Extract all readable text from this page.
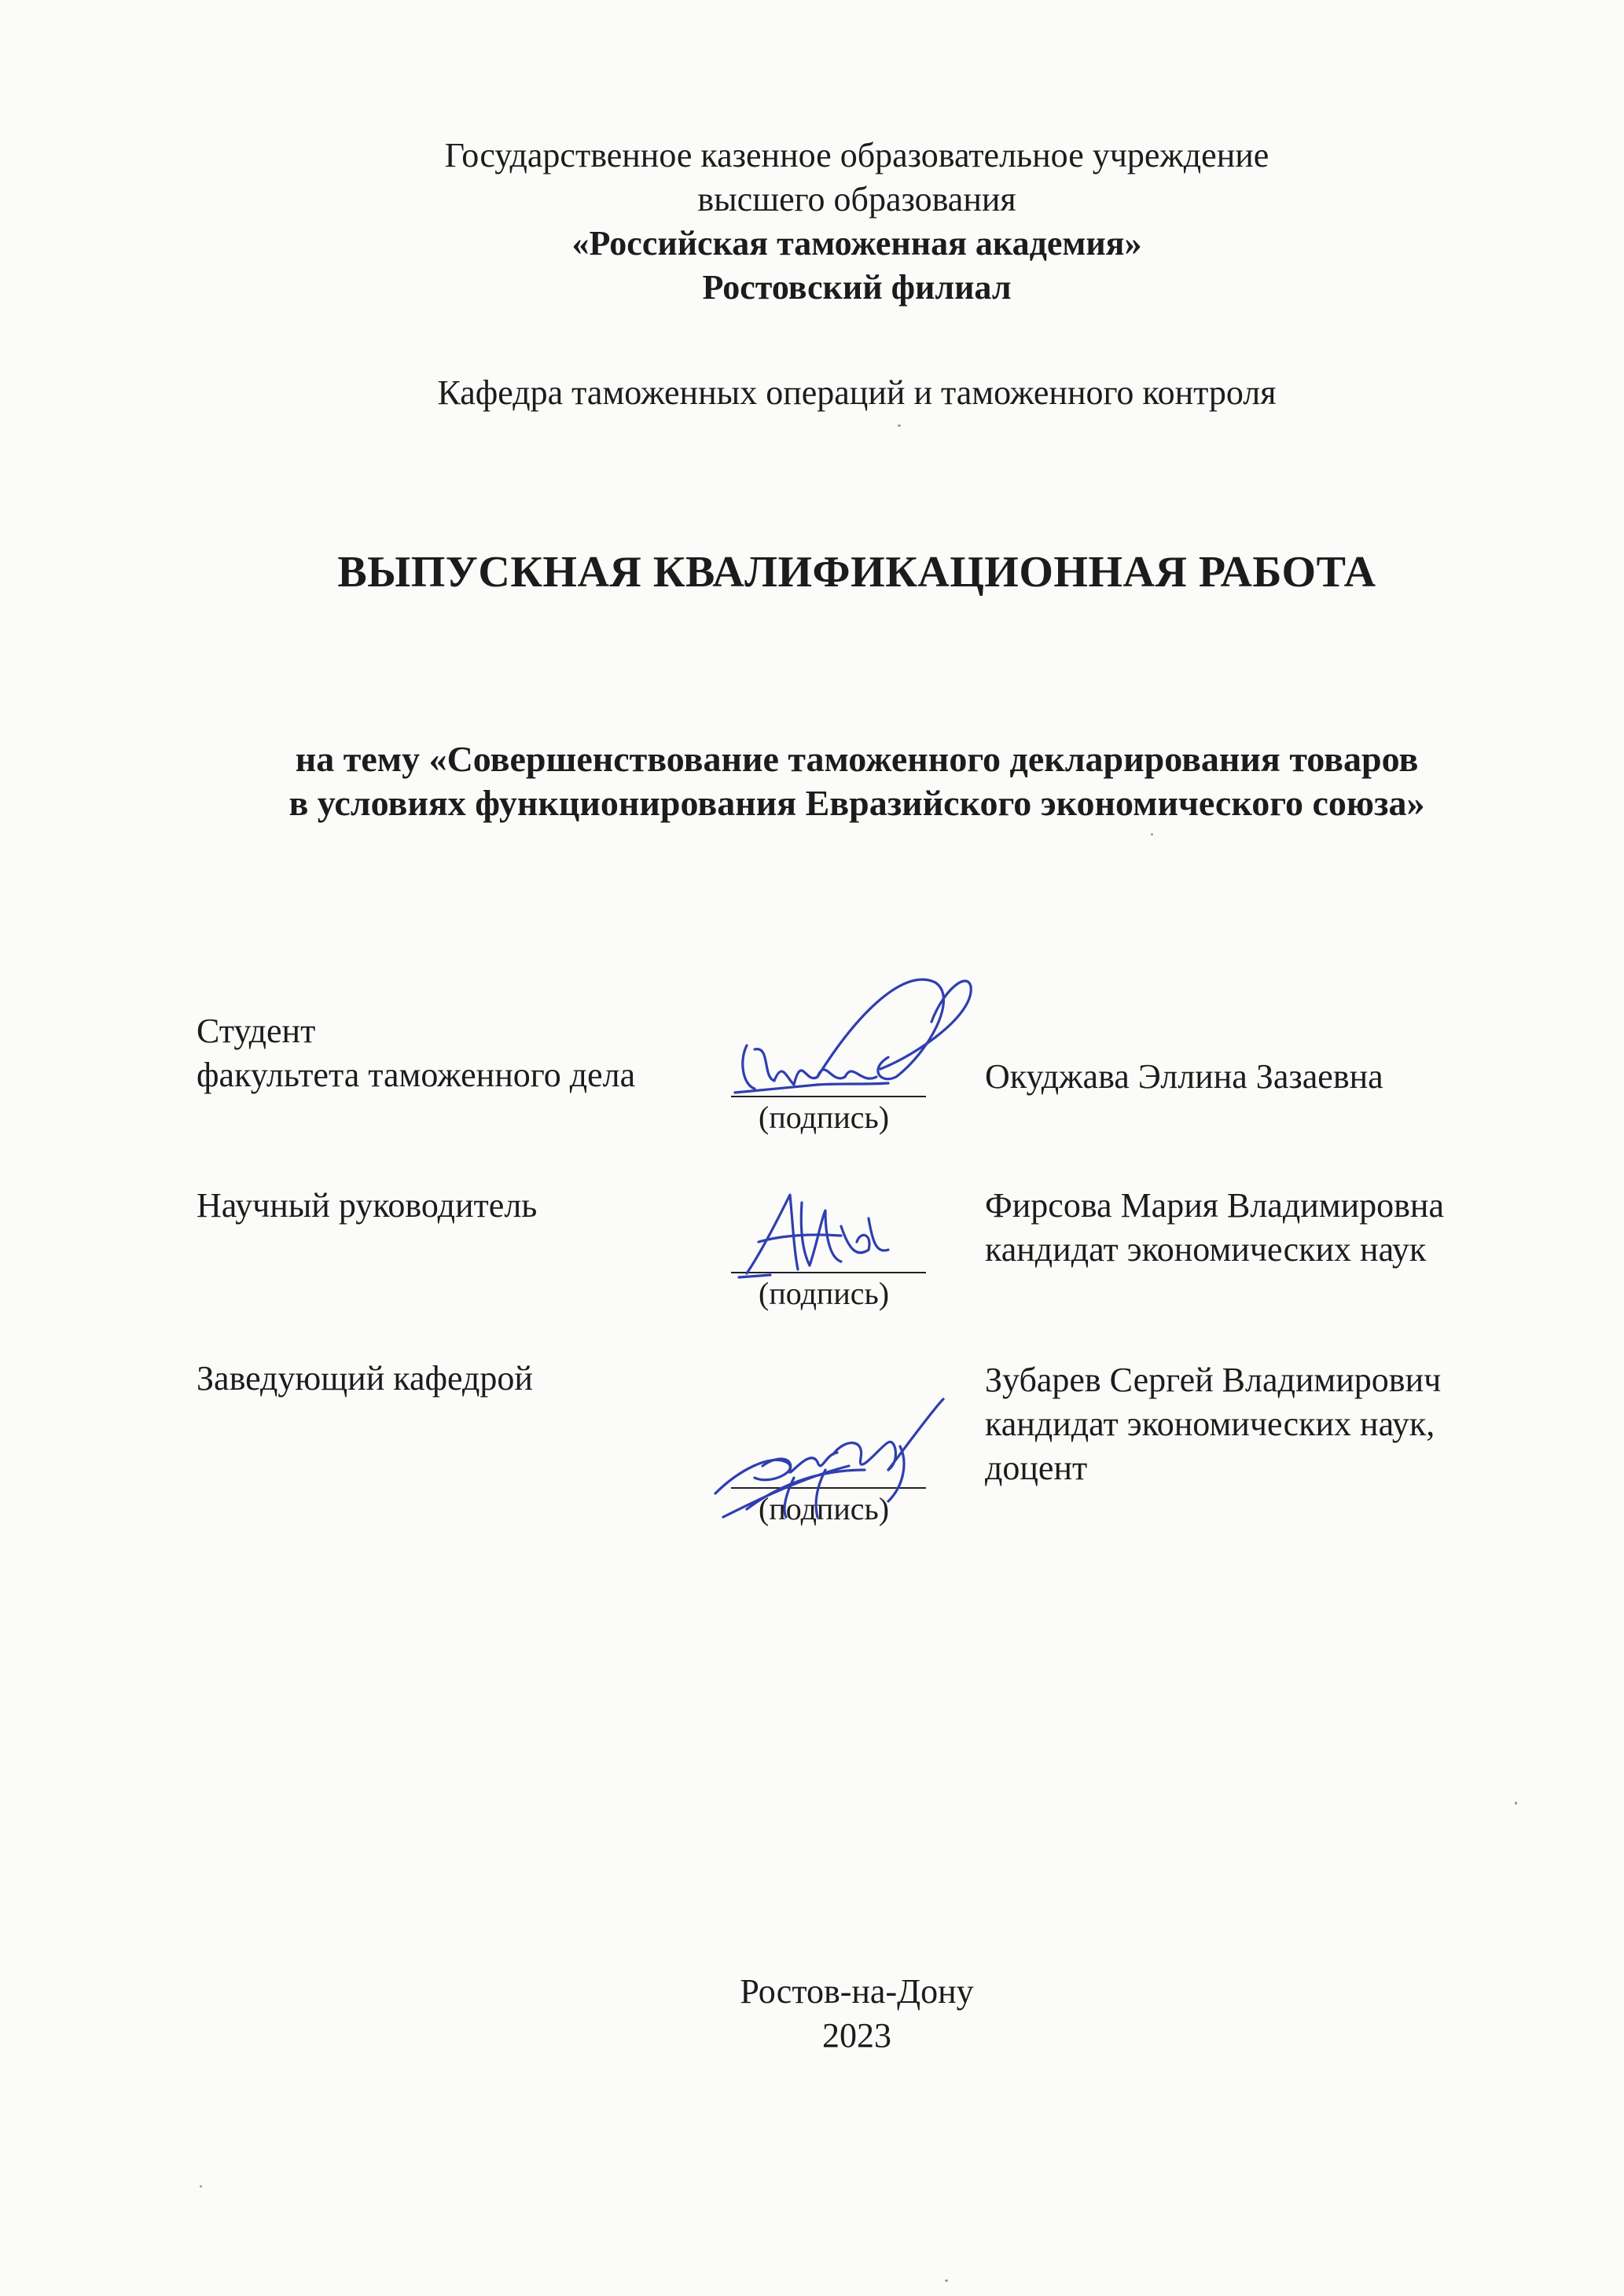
Государственное казенное образовательное учреждение
высшего образования
«Российская таможенная академия»
Ростовский филиал
Кафедра таможенных операций и таможенного контроля
ВЫПУСКНАЯ КВАЛИФИКАЦИОННАЯ РАБОТА
на тему «Совершенствование таможенного декларирования товаров
в условиях функционирования Евразийского экономического союза»
Студент
факультета таможенного дела
(подпись)
Окуджава Эллина Зазаевна
Научный руководитель
(подпись)
Фирсова Мария Владимировна
кандидат экономических наук
Заведующий кафедрой
(подпись)
Зубарев Сергей Владимирович
кандидат экономических наук,
доцент
Ростов-на-Дону
2023
